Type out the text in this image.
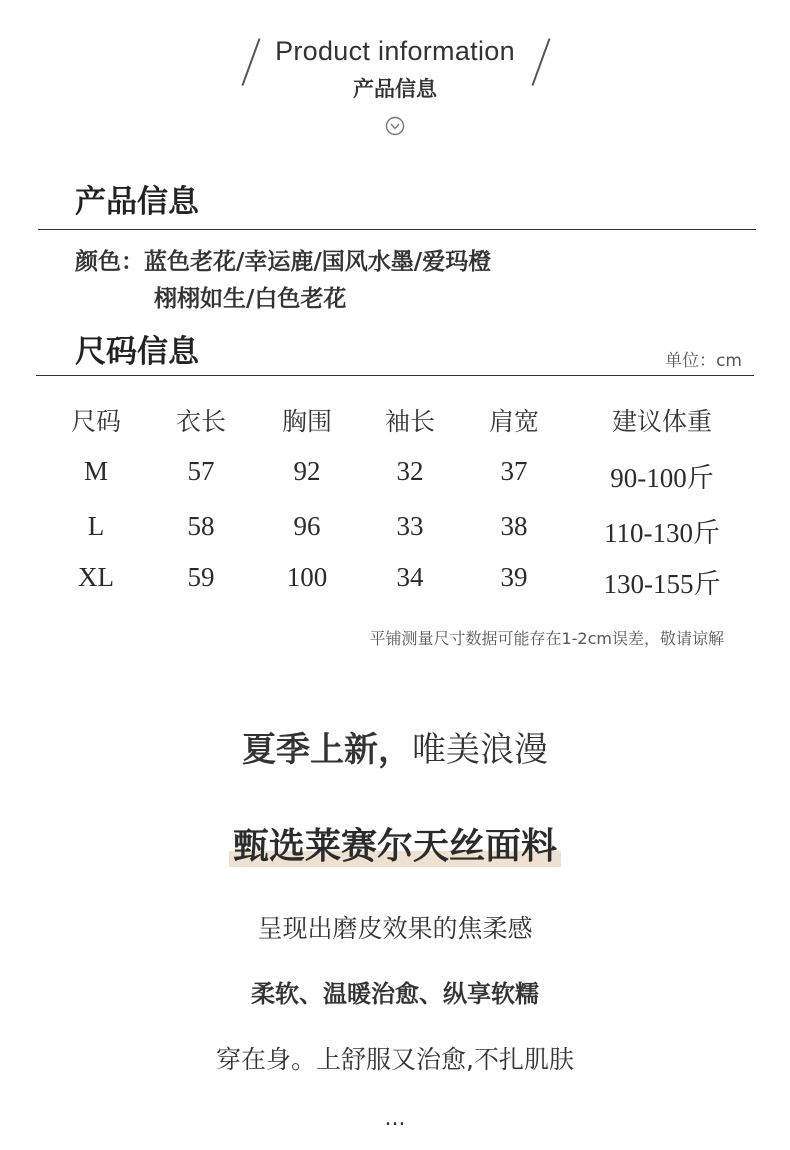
Product information
产品信息
产品信息
颜色：蓝色老花/幸运鹿/国风水墨/爱玛橙
栩栩如生/白色老花
尺码信息	单位：cm
尺码 衣长 胸围 袖长 肩宽	建议体重
M	57	92	32	37	90-100斤
L	58	96	33	38	110-130斤
XL	59	100	34	39	130-155斤
平铺测量尺寸数据可能存在1-2cm误差，敬请谅解
夏季上新，唯美浪漫
甄选莱赛尔天丝面料
呈现出磨皮效果的焦柔感
柔软、温暖治愈、纵享软糯
穿在身。上舒服又治愈,不扎肌肤
...
